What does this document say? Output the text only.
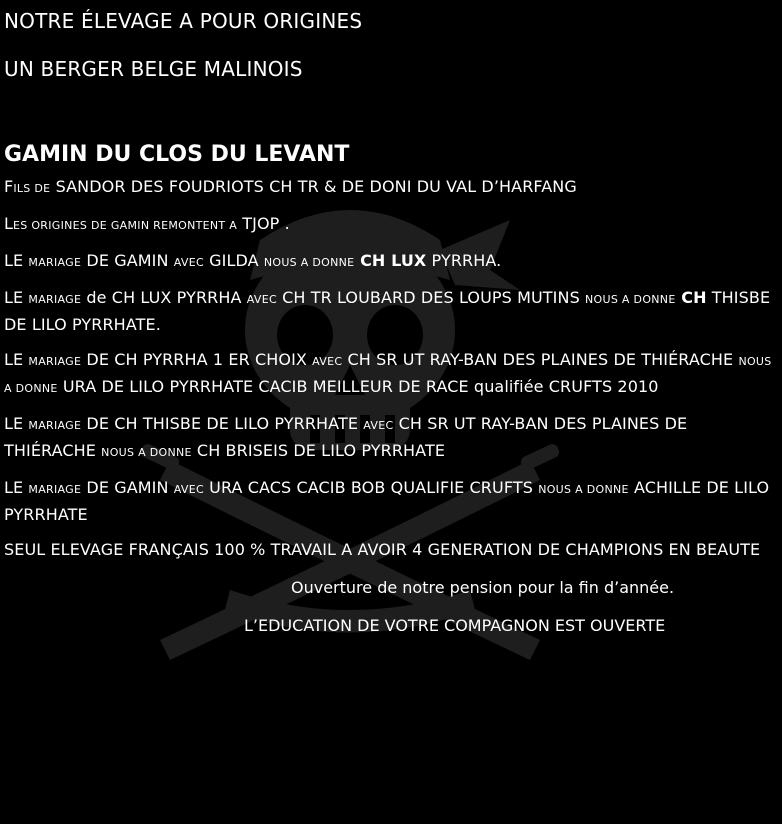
NOTRE ÉLEVAGE A POUR ORIGINES

UN BERGER BELGE MALINOIS

GAMIN DU CLOS DU LEVANT

FILS DE SANDOR DES FOUDRIOTS CH TR & DE DONI DU VAL D’HARFANG

LES ORIGINES DE GAMIN REMONTENT A TJOP .

LE MARIAGE DE GAMIN AVEC GILDA NOUS A DONNE CH LUX PYRRHA.

LE MARIAGE de CH LUX PYRRHA AVEC CH TR LOUBARD DES LOUPS MUTINS NOUS A DONNE CH THISBE DE LILO PYRRHATE.

LE MARIAGE DE CH PYRRHA 1 ER CHOIX AVEC CH SR UT RAY-BAN DES PLAINES DE THIÉRACHE NOUS A DONNE URA DE LILO PYRRHATE CACIB MEILLEUR DE RACE qualifiée CRUFTS 2010

LE MARIAGE DE CH THISBE DE LILO PYRRHATE AVEC CH SR UT RAY-BAN DES PLAINES DE THIÉRACHE NOUS A DONNE CH BRISEIS DE LILO PYRRHATE

LE MARIAGE DE GAMIN AVEC URA CACS CACIB BOB QUALIFIE CRUFTS NOUS A DONNE ACHILLE DE LILO PYRRHATE

SEUL ELEVAGE FRANÇAIS 100 % TRAVAIL A AVOIR 4 GENERATION DE CHAMPIONS EN BEAUTE

Ouverture de notre pension pour la fin d’année.

L’EDUCATION DE VOTRE COMPAGNON EST OUVERTE
